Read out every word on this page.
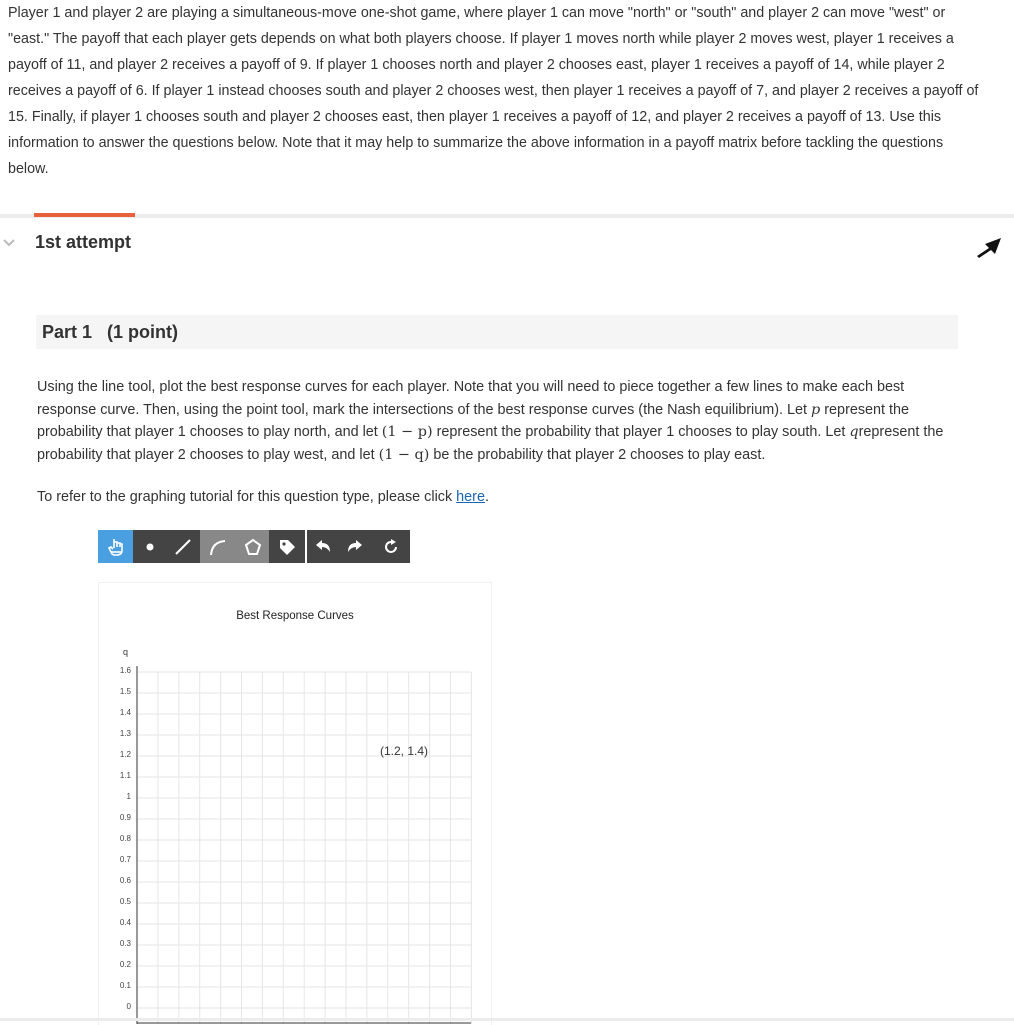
Player 1 and player 2 are playing a simultaneous-move one-shot game, where player 1 can move "north" or "south" and player 2 can move "west" or "east." The payoff that each player gets depends on what both players choose. If player 1 moves north while player 2 moves west, player 1 receives a payoff of 11, and player 2 receives a payoff of 9. If player 1 chooses north and player 2 chooses east, player 1 receives a payoff of 14, while player 2 receives a payoff of 6. If player 1 instead chooses south and player 2 chooses west, then player 1 receives a payoff of 7, and player 2 receives a payoff of 15. Finally, if player 1 chooses south and player 2 chooses east, then player 1 receives a payoff of 12, and player 2 receives a payoff of 13. Use this information to answer the questions below. Note that it may help to summarize the above information in a payoff matrix before tackling the questions below.
1st attempt
Part 1   (1 point)
Using the line tool, plot the best response curves for each player. Note that you will need to piece together a few lines to make each best response curve. Then, using the point tool, mark the intersections of the best response curves (the Nash equilibrium). Let p represent the probability that player 1 chooses to play north, and let (1 − p) represent the probability that player 1 chooses to play south. Let qrepresent the probability that player 2 chooses to play west, and let (1 − q) be the probability that player 2 chooses to play east.
To refer to the graphing tutorial for this question type, please click here.
Best Response Curves
q
1.6
1.5
1.4
1.3
1.2
1.1
1
0.9
0.8
0.7
0.6
0.5
0.4
0.3
0.2
0.1
0
(1.2, 1.4)
